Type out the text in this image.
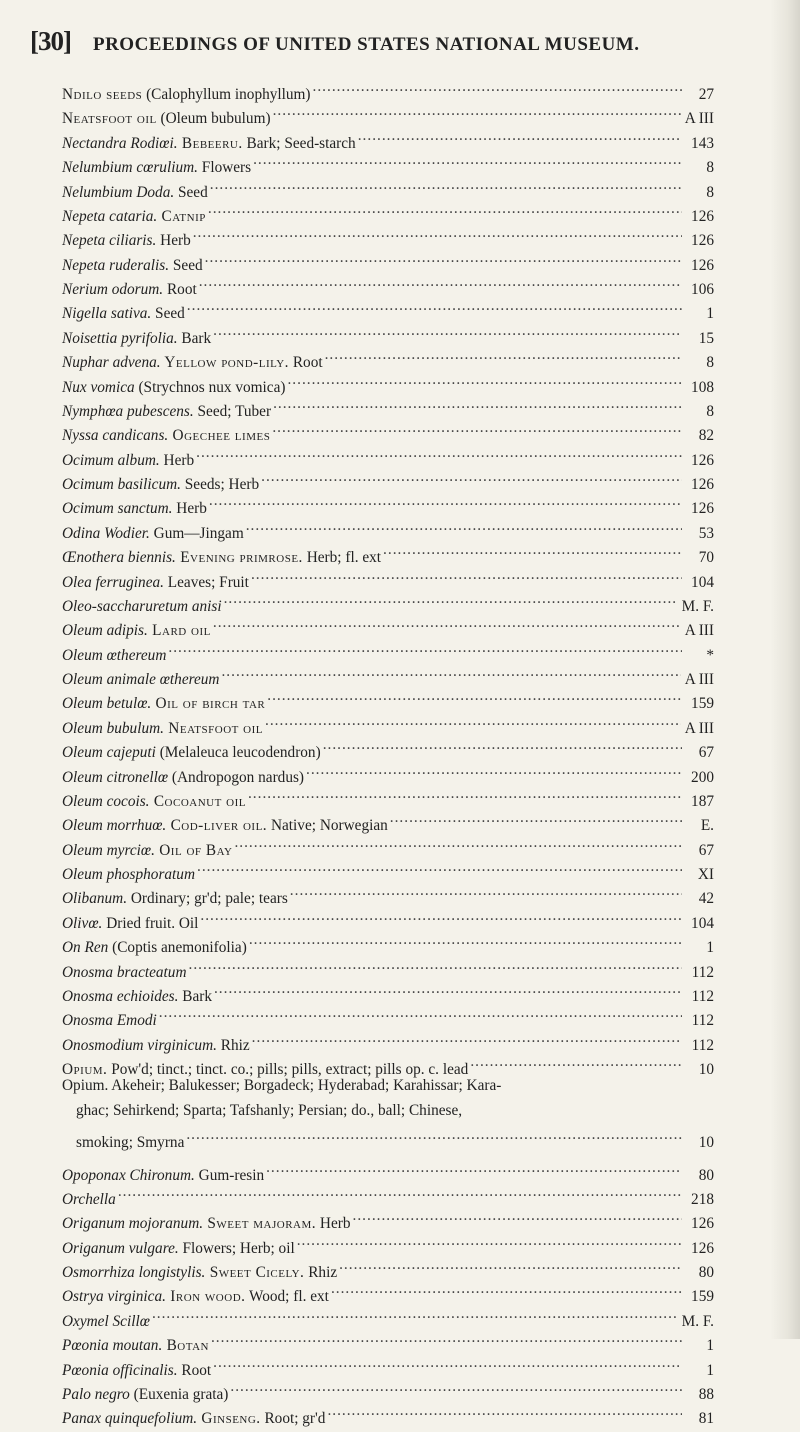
[30] PROCEEDINGS OF UNITED STATES NATIONAL MUSEUM.
Ndilo seeds (Calophyllum inophyllum) .....	27
Neatsfoot oil (Oleum bubulum) .....	A III
Nectandra Rodiœi. Bebeeru. Bark; Seed-starch .....	143
Nelumbium cœrulium. Flowers .....	8
Nelumbium Doda. Seed .....	8
Nepeta cataria. Catnip .....	126
Nepeta ciliaris. Herb .....	126
Nepeta ruderalis. Seed .....	126
Nerium odorum. Root .....	106
Nigella sativa. Seed .....	1
Noisettia pyrifolia. Bark .....	15
Nuphar advena. Yellow pond-lily. Root .....	8
Nux vomica (Strychnos nux vomica) .....	108
Nymphœa pubescens. Seed; Tuber .....	8
Nyssa candicans. Ogechee limes .....	82
Ocimum album. Herb .....	126
Ocimum basilicum. Seeds; Herb .....	126
Ocimum sanctum. Herb .....	126
Odina Wodier. Gum—Jingam .....	53
Œnothera biennis. Evening primrose. Herb; fl. ext .....	70
Olea ferruginea. Leaves; Fruit .....	104
Oleo-saccharuretum anisi .....	M. F.
Oleum adipis. Lard oil .....	A III
Oleum œthereum .....	*
Oleum animale œthereum .....	A III
Oleum betulœ. Oil of birch tar .....	159
Oleum bubulum. Neatsfoot oil .....	A III
Oleum cajeputi (Melaleuca leucodendron) .....	67
Oleum citronellœ (Andropogon nardus) .....	200
Oleum cocois. Cocoanut oil .....	187
Oleum morrhuœ. Cod-liver oil. Native; Norwegian .....	E.
Oleum myrciœ. Oil of Bay .....	67
Oleum phosphoratum .....	XI
Olibanum. Ordinary; gr'd; pale; tears .....	42
Olivœ. Dried fruit. Oil .....	104
On Ren (Coptis anemonifolia) .....	1
Onosma bracteatum .....	112
Onosma echioides. Bark .....	112
Onosma Emodi .....	112
Onosmodium virginicum. Rhiz .....	112
Opium. Pow'd; tinct.; tinct. co.; pills; pills, extract; pills op. c. lead .....	10
Opium. Akeheir; Balukesser; Borgadeck; Hyderabad; Karahissar; Kara-
ghac; Sehirkend; Sparta; Tafshanly; Persian; do., ball; Chinese,
smoking; Smyrna .....	10
Opoponax Chironum. Gum-resin .....	80
Orchella .....	218
Origanum mojoranum. Sweet majoram. Herb .....	126
Origanum vulgare. Flowers; Herb; oil .....	126
Osmorrhiza longistylis. Sweet Cicely. Rhiz .....	80
Ostrya virginica. Iron wood. Wood; fl. ext .....	159
Oxymel Scillœ .....	M. F.
Pœonia moutan. Botan .....	1
Pœonia officinalis. Root .....	1
Palo negro (Euxenia grata) .....	88
Panax quinquefolium. Ginseng. Root; gr'd .....	81
